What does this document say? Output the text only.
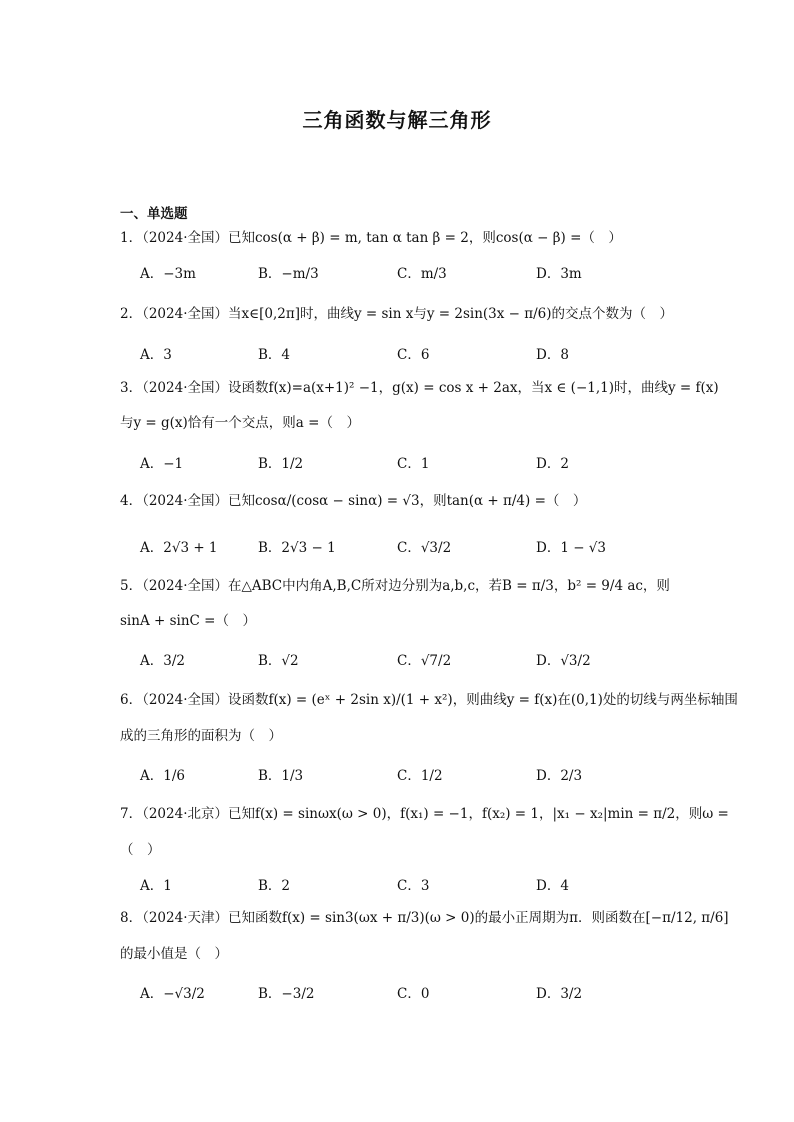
三角函数与解三角形
一、单选题
1．（2024·全国）已知cos(α + β) = m, tan α tan β = 2，则cos(α − β) =（　）
A．−3m	B．−m/3	C．m/3	D．3m
2．（2024·全国）当x∈[0,2π]时，曲线y = sin x与y = 2sin(3x − π/6)的交点个数为（　）
A．3	B．4	C．6	D．8
3．（2024·全国）设函数f(x)=a(x+1)² −1，g(x) = cos x + 2ax，当x ∈ (−1,1)时，曲线y = f(x)
与y = g(x)恰有一个交点，则a =（　）
A．−1	B．1/2	C．1	D．2
4．（2024·全国）已知cosα/(cosα − sinα) = √3，则tan(α + π/4) =（　）
A．2√3 + 1	B．2√3 − 1	C．√3/2	D．1 − √3
5．（2024·全国）在△ABC中内角A,B,C所对边分别为a,b,c，若B = π/3，b² = 9/4 ac，则
sinA + sinC =（　）
A．3/2	B．√2	C．√7/2	D．√3/2
6．（2024·全国）设函数f(x) = (eˣ + 2sin x)/(1 + x²)，则曲线y = f(x)在(0,1)处的切线与两坐标轴围
成的三角形的面积为（　）
A．1/6	B．1/3	C．1/2	D．2/3
7．（2024·北京）已知f(x) = sinωx(ω > 0)，f(x₁) = −1，f(x₂) = 1，|x₁ − x₂|min = π/2，则ω =
（　）
A．1	B．2	C．3	D．4
8．（2024·天津）已知函数f(x) = sin3(ωx + π/3)(ω > 0)的最小正周期为π．则函数在[−π/12, π/6]
的最小值是（　）
A．−√3/2	B．−3/2	C．0	D．3/2
